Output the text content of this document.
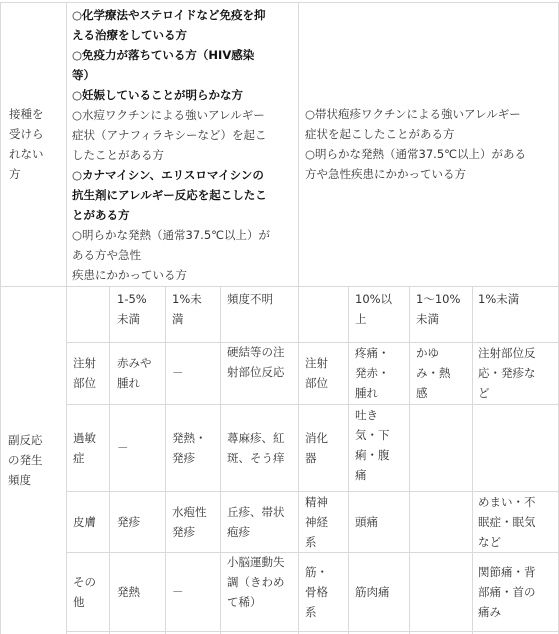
接種を
受けら
れない
方
○化学療法やステロイドなど免疫を抑
える治療をしている方
○免疫力が落ちている方（HIV感染
等）
○妊娠していることが明らかな方
○水痘ワクチンによる強いアレルギー
症状（アナフィラキシーなど）を起こ
したことがある方
○カナマイシン、エリスロマイシンの
抗生剤にアレルギー反応を起こしたこ
とがある方
○明らかな発熱（通常37.5℃以上）が
ある方や急性
疾患にかかっている方
○帯状疱疹ワクチンによる強いアレルギー
症状を起こしたことがある方
○明らかな発熱（通常37.5℃以上）がある
方や急性疾患にかかっている方
副反応
の発生
頻度
1-5%
未満
1%未
満
頻度不明	10%以
上
1～10%
未満
1%未満
注射
部位
赤みや
腫れ
－
硬結等の注
射部位反応
注射
部位
疼痛・
発赤・
腫れ
かゆ
み・熱
感
注射部位反
応・発疹な
ど
過敏
症
－
発熱・
発疹
蕁麻疹、紅
斑、そう痒
消化
器
吐き
気・下
痢・腹
痛
皮膚 発疹
水疱性
発疹
丘疹、帯状
疱疹
精神
神経
系
頭痛
めまい・不
眠症・眠気
など
その
他
発熱	－
小脳運動失
調（きわめ
て稀）
筋・
骨格
系
筋肉痛
関節痛・背
部痛・首の
痛み
